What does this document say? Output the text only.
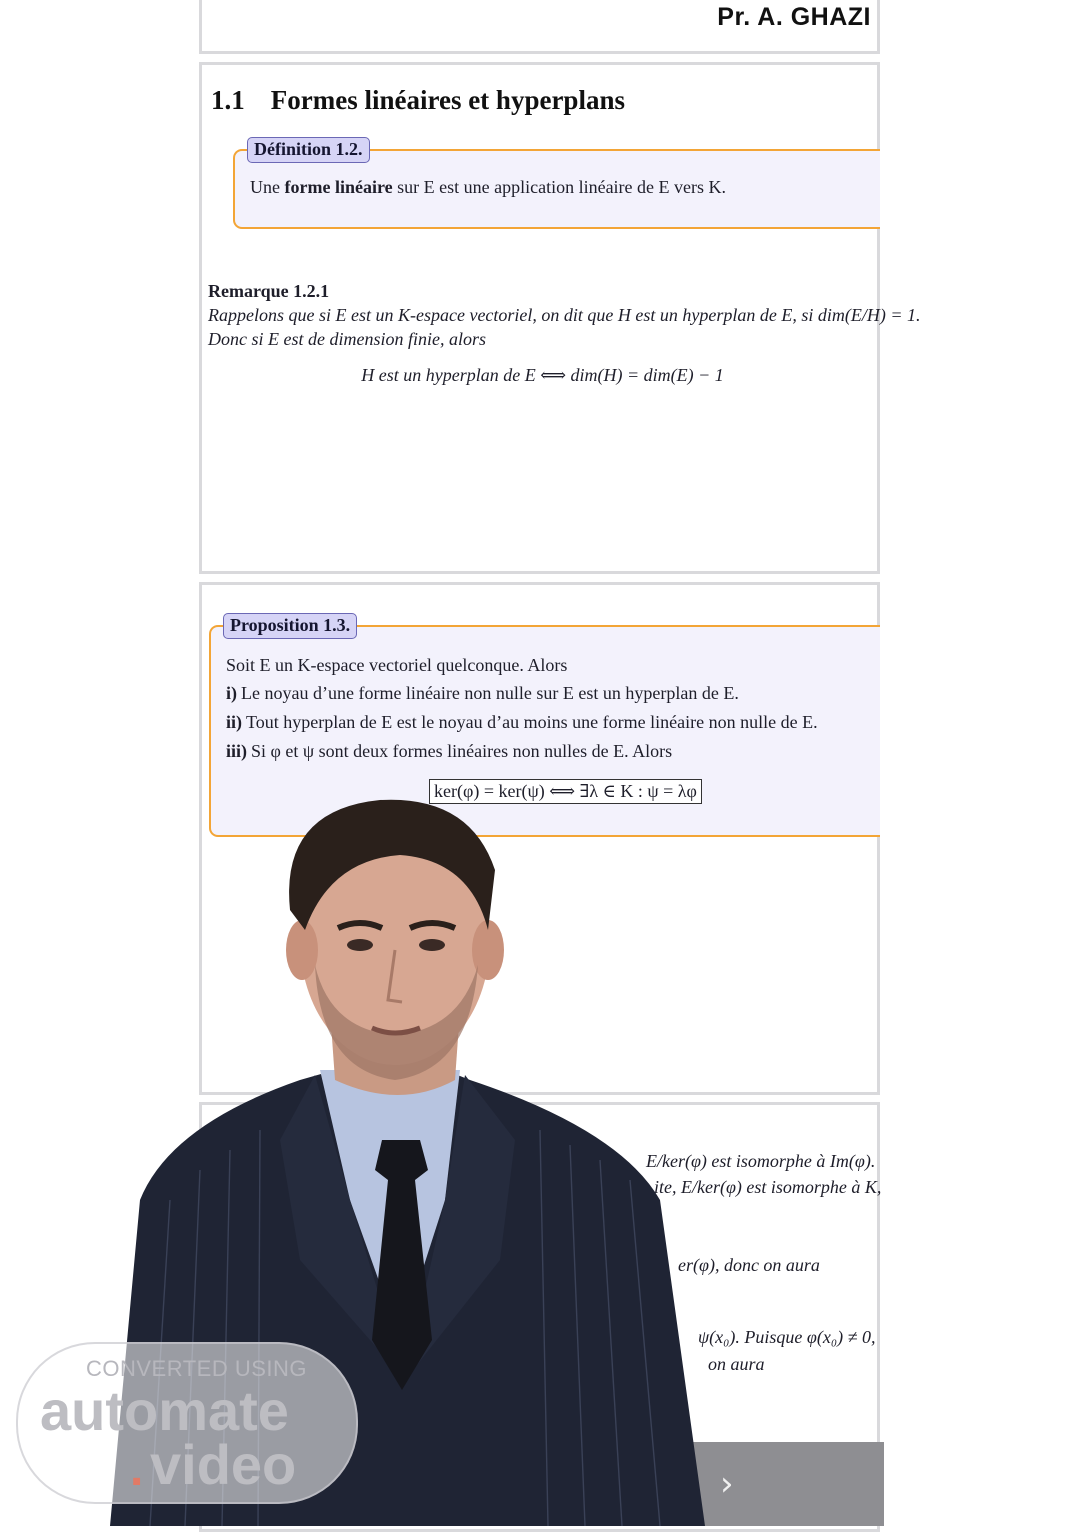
Pr. A. GHAZI
1.1 Formes linéaires et hyperplans
Définition 1.2.
Une forme linéaire sur E est une application linéaire de E vers K.
Remarque 1.2.1
Rappelons que si E est un K-espace vectoriel, on dit que H est un hyperplan de E, si dim(E/H) = 1.
Donc si E est de dimension finie, alors
H est un hyperplan de E ⟺ dim(H) = dim(E) − 1
Proposition 1.3.
Soit E un K-espace vectoriel quelconque. Alors
i) Le noyau d’une forme linéaire non nulle sur E est un hyperplan de E.
ii) Tout hyperplan de E est le noyau d’au moins une forme linéaire non nulle de E.
iii) Si φ et ψ sont deux formes linéaires non nulles de E. Alors
ker(φ) = ker(ψ) ⟺ ∃λ ∈ K : ψ = λφ
E/ker(φ) est isomorphe à Im(φ).
ite, E/ker(φ) est isomorphe à K,
er(φ), donc on aura
ψ(x₀). Puisque φ(x₀) ≠ 0,
on aura
›
CONVERTED USING
automate
. video
